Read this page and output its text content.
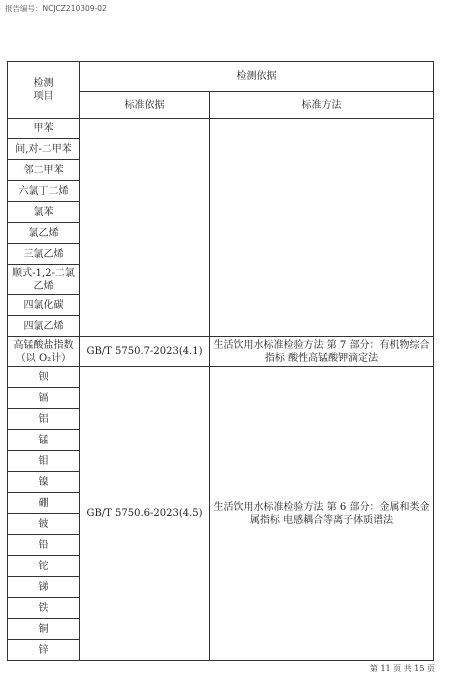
报告编号：NCJCZ210309-02
检测
项目	检测依据	
	标准依据	标准方法
甲苯		
间,对-二甲苯		
邻二甲苯		
六氯丁二烯		
氯苯		
氯乙烯		
三氯乙烯		
顺式-1,2-二氯乙烯		
四氯化碳		
四氯乙烯		
高锰酸盐指数（以 O₂计）	GB/T 5750.7-2023(4.1)	生活饮用水标准检验方法 第 7 部分：有机物综合指标 酸性高锰酸钾滴定法
钡	GB/T 5750.6-2023(4.5)	生活饮用水标准检验方法 第 6 部分：金属和类金属指标 电感耦合等离子体质谱法
镉		
铝		
锰		
钼		
镍		
硼		
铍		
铅		
铊		
锑		
铁		
铜		
锌		
第 11 页 共 15 页
